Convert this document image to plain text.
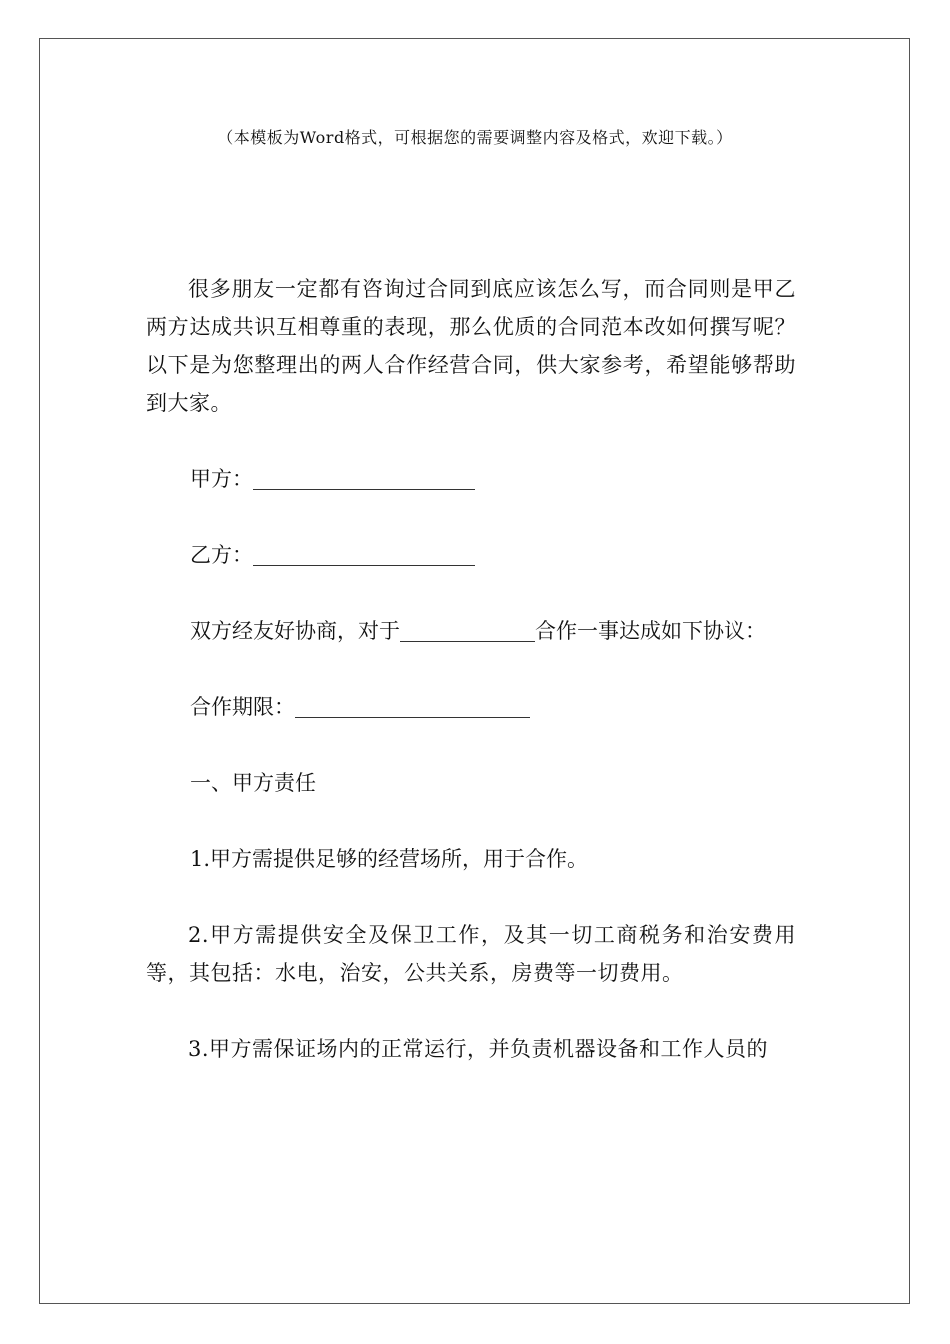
（本模板为Word格式，可根据您的需要调整内容及格式，欢迎下载。）

很多朋友一定都有咨询过合同到底应该怎么写，而合同则是甲乙两方达成共识互相尊重的表现，那么优质的合同范本改如何撰写呢？以下是为您整理出的两人合作经营合同，供大家参考，希望能够帮助到大家。

甲方：

乙方：

双方经友好协商，对于	合作一事达成如下协议：

合作期限：

一、甲方责任

1.甲方需提供足够的经营场所，用于合作。

2.甲方需提供安全及保卫工作，及其一切工商税务和治安费用等，其包括：水电，治安，公共关系，房费等一切费用。

3.甲方需保证场内的正常运行，并负责机器设备和工作人员的
